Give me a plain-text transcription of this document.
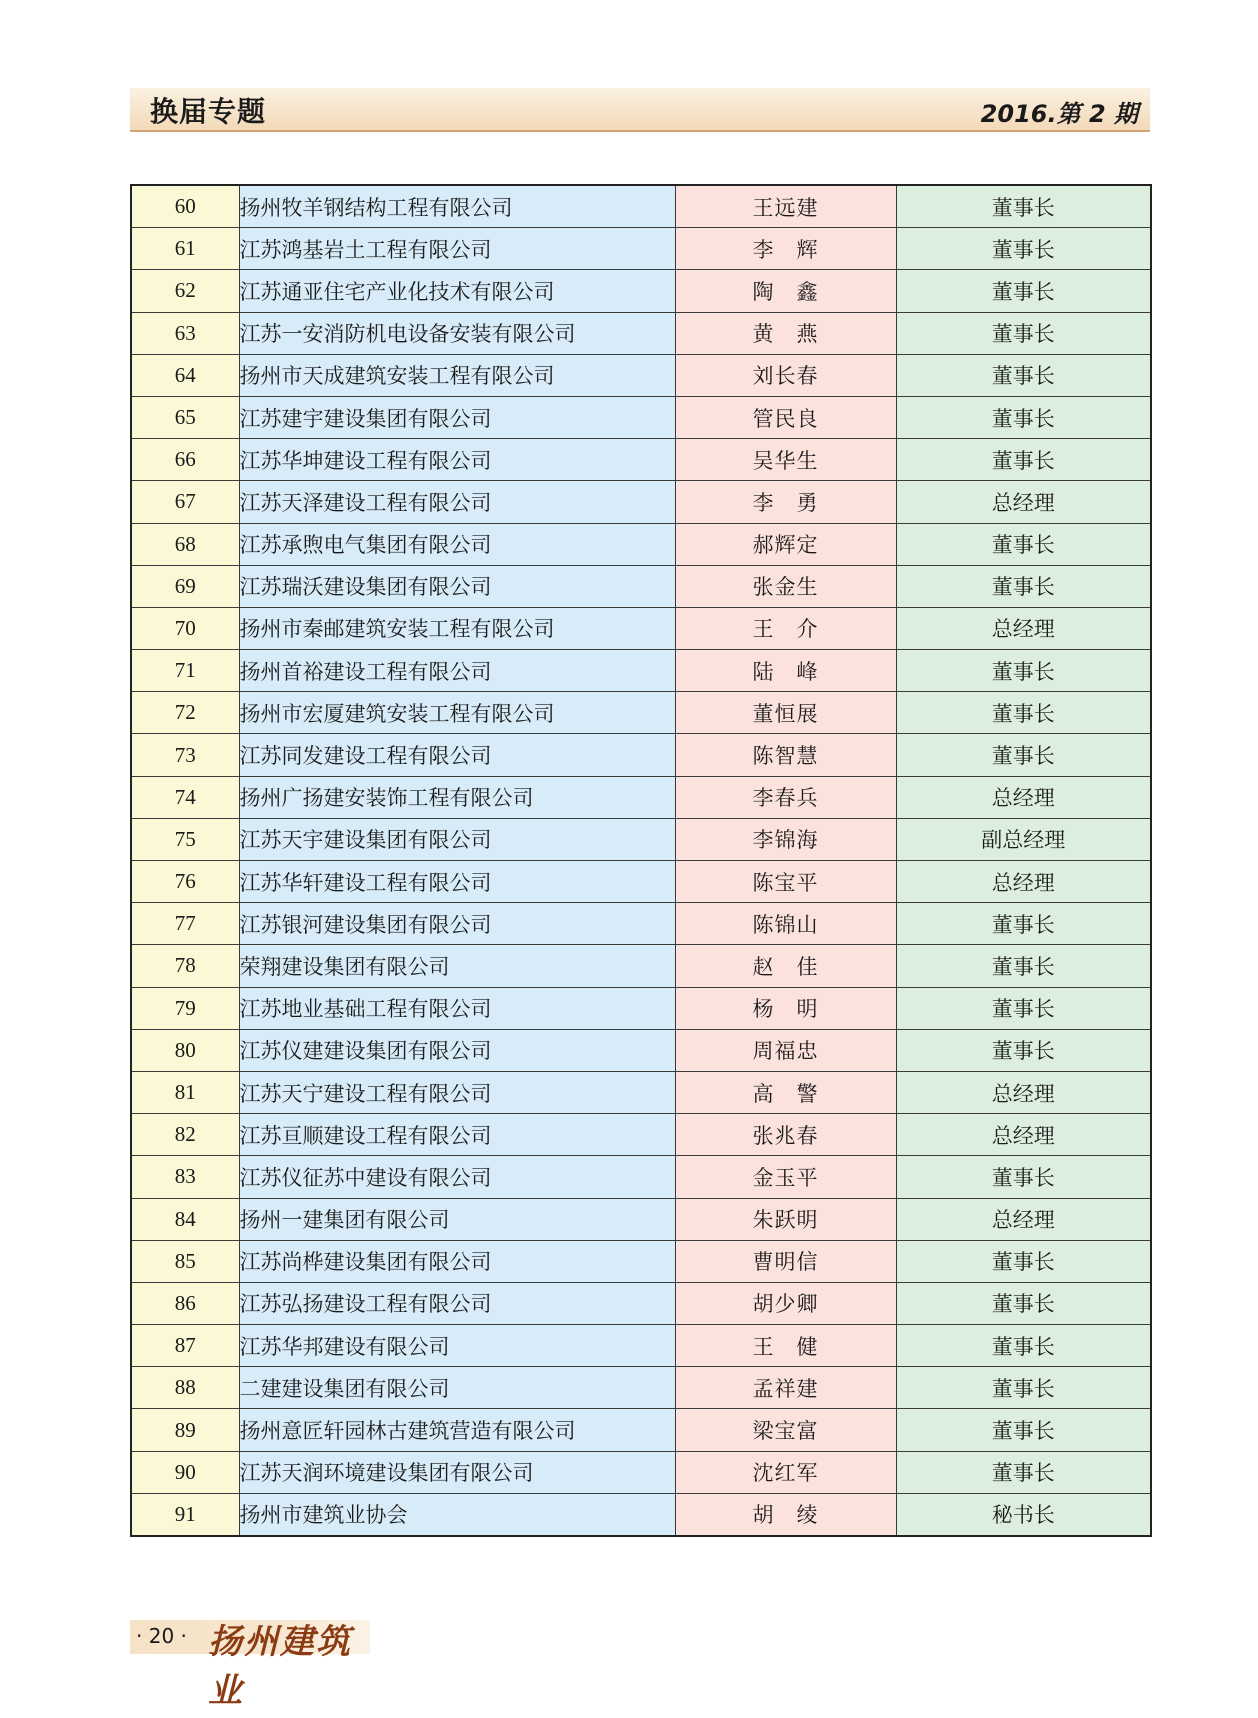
换届专题	2016.第 2 期
60	扬州牧羊钢结构工程有限公司	王远建	董事长
61	江苏鸿基岩土工程有限公司	李　辉	董事长
62	江苏通亚住宅产业化技术有限公司	陶　鑫	董事长
63	江苏一安消防机电设备安装有限公司	黄　燕	董事长
64	扬州市天成建筑安装工程有限公司	刘长春	董事长
65	江苏建宇建设集团有限公司	管民良	董事长
66	江苏华坤建设工程有限公司	吴华生	董事长
67	江苏天泽建设工程有限公司	李　勇	总经理
68	江苏承煦电气集团有限公司	郝辉定	董事长
69	江苏瑞沃建设集团有限公司	张金生	董事长
70	扬州市秦邮建筑安装工程有限公司	王　介	总经理
71	扬州首裕建设工程有限公司	陆　峰	董事长
72	扬州市宏厦建筑安装工程有限公司	董恒展	董事长
73	江苏同发建设工程有限公司	陈智慧	董事长
74	扬州广扬建安装饰工程有限公司	李春兵	总经理
75	江苏天宇建设集团有限公司	李锦海	副总经理
76	江苏华轩建设工程有限公司	陈宝平	总经理
77	江苏银河建设集团有限公司	陈锦山	董事长
78	荣翔建设集团有限公司	赵　佳	董事长
79	江苏地业基础工程有限公司	杨　明	董事长
80	江苏仪建建设集团有限公司	周福忠	董事长
81	江苏天宁建设工程有限公司	高　警	总经理
82	江苏亘顺建设工程有限公司	张兆春	总经理
83	江苏仪征苏中建设有限公司	金玉平	董事长
84	扬州一建集团有限公司	朱跃明	总经理
85	江苏尚桦建设集团有限公司	曹明信	董事长
86	江苏弘扬建设工程有限公司	胡少卿	董事长
87	江苏华邦建设有限公司	王　健	董事长
88	二建建设集团有限公司	孟祥建	董事长
89	扬州意匠轩园林古建筑营造有限公司	梁宝富	董事长
90	江苏天润环境建设集团有限公司	沈红军	董事长
91	扬州市建筑业协会	胡　绫	秘书长
· 20 · 扬州建筑业
